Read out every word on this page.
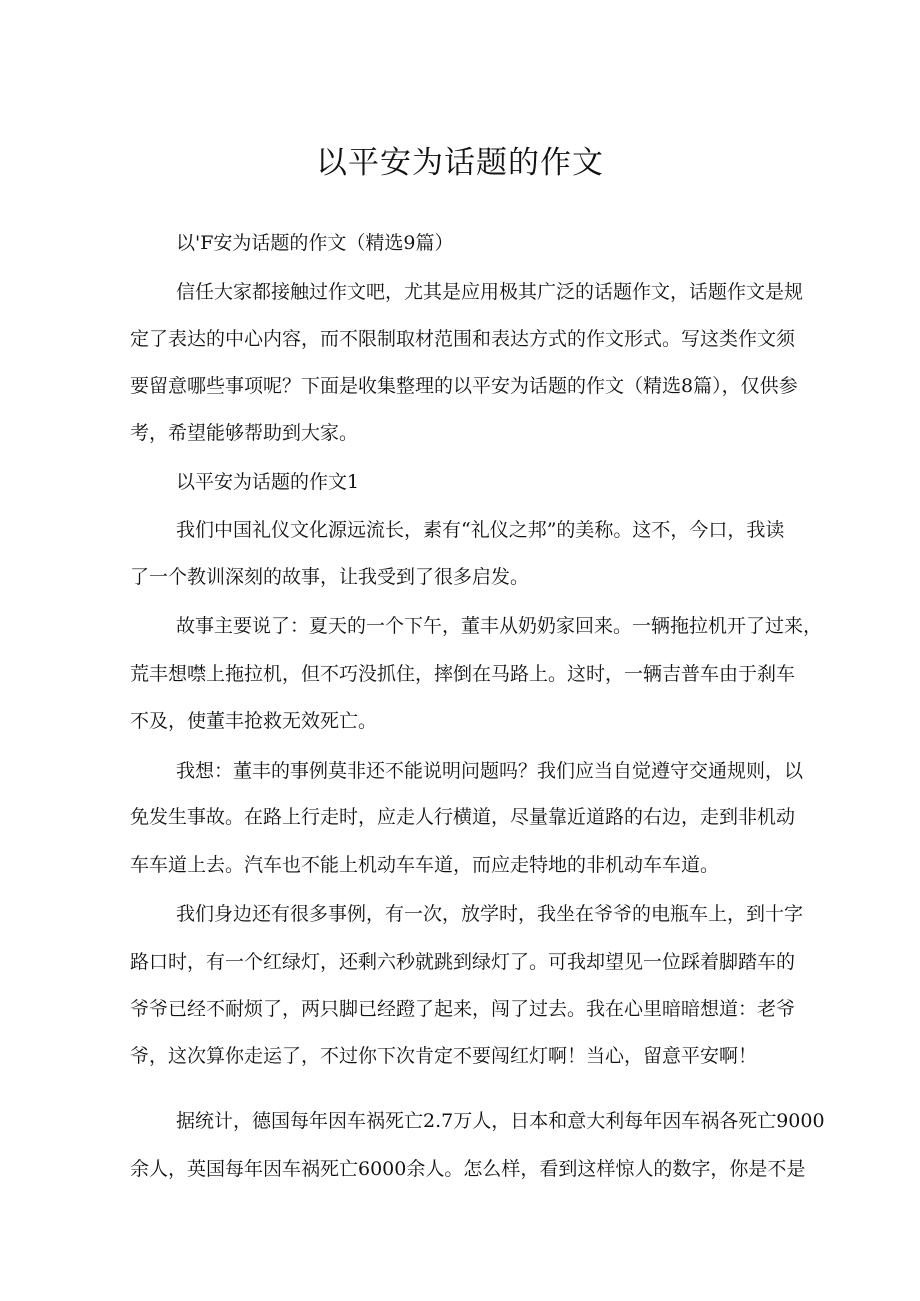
以平安为话题的作文
以'F安为话题的作文（精选9篇）
信任大家都接触过作文吧，尤其是应用极其广泛的话题作文，话题作文是规
定了表达的中心内容，而不限制取材范围和表达方式的作文形式。写这类作文须
要留意哪些事项呢？下面是收集整理的以平安为话题的作文（精选8篇），仅供参
考，希望能够帮助到大家。
以平安为话题的作文1
我们中国礼仪文化源远流长，素有“礼仪之邦”的美称。这不，今口，我读
了一个教训深刻的故事，让我受到了很多启发。
故事主要说了：夏天的一个下午，董丰从奶奶家回来。一辆拖拉机开了过来，
荒丰想噤上拖拉机，但不巧没抓住，摔倒在马路上。这时，一辆吉普车由于刹车
不及，使董丰抢救无效死亡。
我想：董丰的事例莫非还不能说明问题吗？我们应当自觉遵守交通规则，以
免发生事故。在路上行走时，应走人行横道，尽量靠近道路的右边，走到非机动
车车道上去。汽车也不能上机动车车道，而应走特地的非机动车车道。
我们身边还有很多事例，有一次，放学时，我坐在爷爷的电瓶车上，到十字
路口时，有一个红绿灯，还剩六秒就跳到绿灯了。可我却望见一位踩着脚踏车的
爷爷已经不耐烦了，两只脚已经蹬了起来，闯了过去。我在心里暗暗想道：老爷
爷，这次算你走运了，不过你下次肯定不要闯红灯啊！当心，留意平安啊！
据统计，德国每年因车祸死亡2.7万人，日本和意大利每年因车祸各死亡9000
余人，英国每年因车祸死亡6000余人。怎么样，看到这样惊人的数字，你是不是
